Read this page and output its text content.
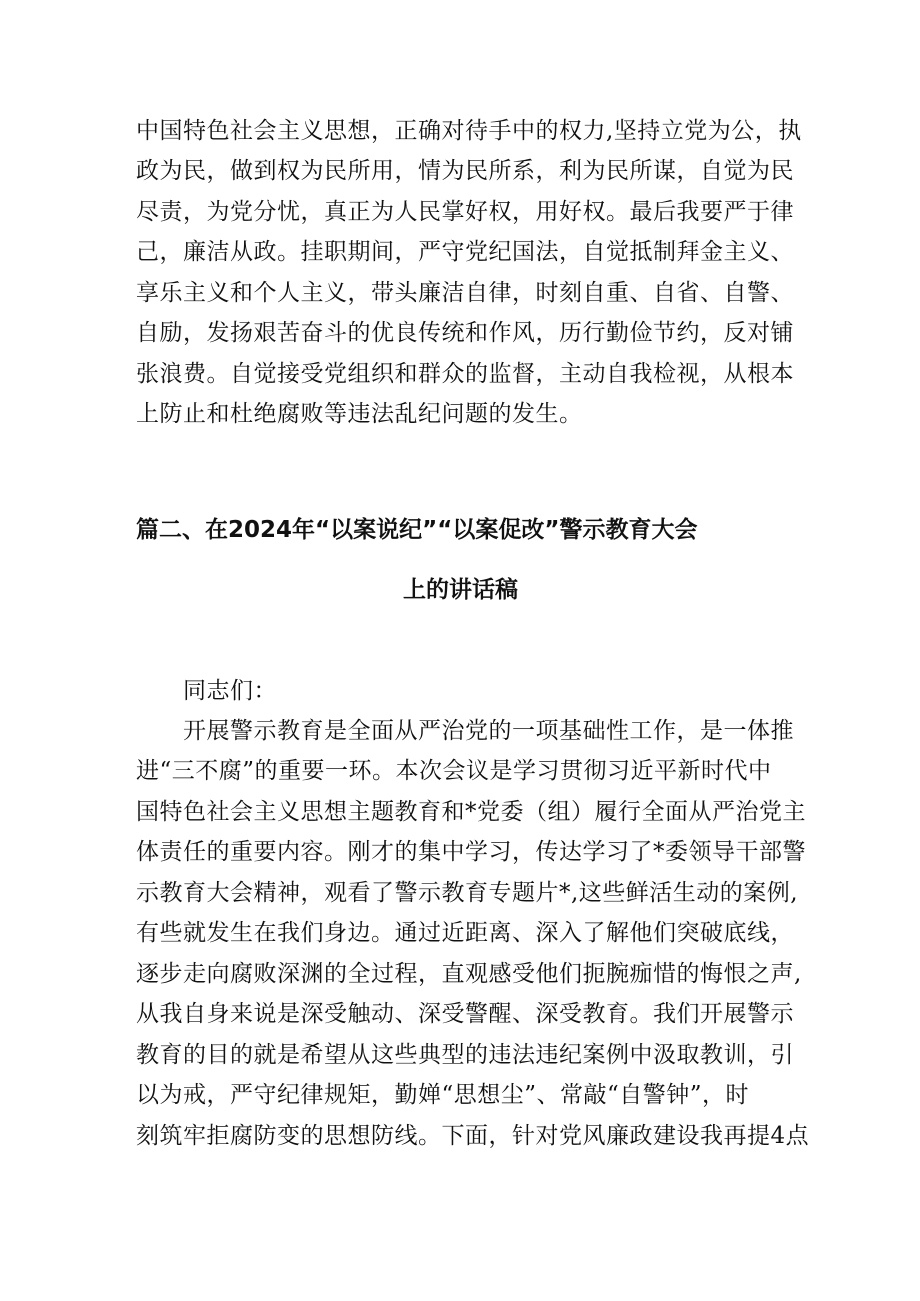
中国特色社会主义思想，正确对待手中的权力,坚持立党为公，执
政为民，做到权为民所用，情为民所系，利为民所谋，自觉为民
尽责，为党分忧，真正为人民掌好权，用好权。最后我要严于律
己，廉洁从政。挂职期间，严守党纪国法，自觉抵制拜金主义、
享乐主义和个人主义，带头廉洁自律，时刻自重、自省、自警、
自励，发扬艰苦奋斗的优良传统和作风，历行勤俭节约，反对铺
张浪费。自觉接受党组织和群众的监督，主动自我检视，从根本
上防止和杜绝腐败等违法乱纪问题的发生。
篇二、在2024年“以案说纪”“以案促改”警示教育大会
上的讲话稿
同志们：
开展警示教育是全面从严治党的一项基础性工作，是一体推
进“三不腐”的重要一环。本次会议是学习贯彻习近平新时代中
国特色社会主义思想主题教育和*党委（组）履行全面从严治党主
体责任的重要内容。刚才的集中学习，传达学习了*委领导干部警
示教育大会精神，观看了警示教育专题片*,这些鲜活生动的案例,
有些就发生在我们身边。通过近距离、深入了解他们突破底线，
逐步走向腐败深渊的全过程，直观感受他们扼腕痂惜的悔恨之声,
从我自身来说是深受触动、深受警醒、深受教育。我们开展警示
教育的目的就是希望从这些典型的违法违纪案例中汲取教训，引
以为戒，严守纪律规矩，勤婵“思想尘”、常敲“自警钟”，时
刻筑牢拒腐防变的思想防线。下面，针对党风廉政建设我再提4点
